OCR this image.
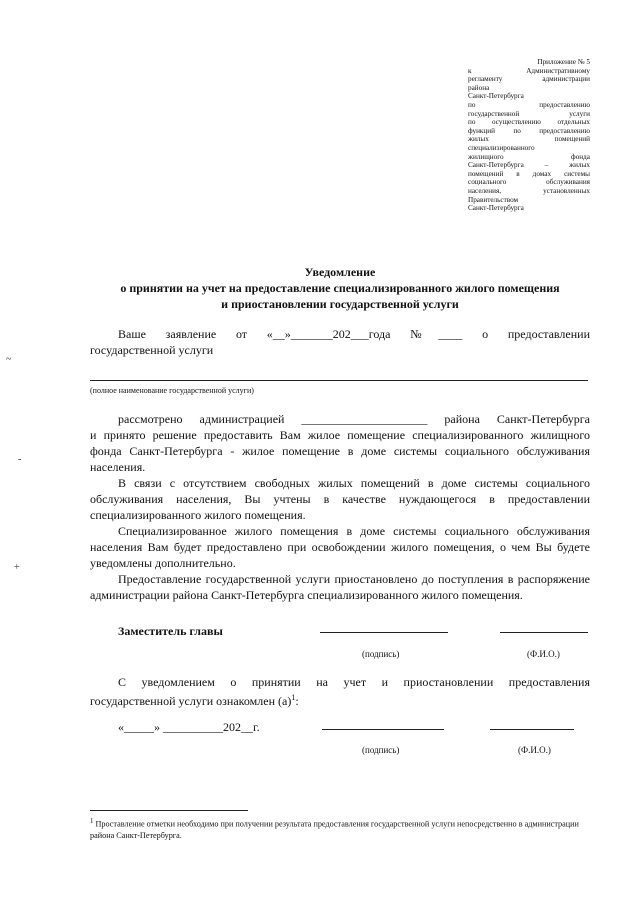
Приложение № 5
к	Административному
регламенту администрации
района
Санкт-Петербурга
по	предоставлению
государственной услуги
по осуществлению отдельных
функций по предоставлению
жилых помещений
специализированного
жилищного фонда
Санкт-Петербурга – жилых
помещений в домах системы
социального обслуживания
населения, установленных
Правительством
Санкт-Петербурга
Уведомление
о принятии на учет на предоставление специализированного жилого помещения
и приостановлении государственной услуги
Ваше заявление от «__»_______202___года №____ о предоставлении
государственной услуги
(полное наименование государственной услуги)
рассмотрено администрацией _____________________ района Санкт-Петербурга
и принято решение предоставить Вам жилое помещение специализированного жилищного фонда Санкт-Петербурга - жилое помещение в доме системы социального обслуживания населения.
В связи с отсутствием свободных жилых помещений в доме системы социального обслуживания населения, Вы учтены в качестве нуждающегося в предоставлении специализированного жилого помещения.
Специализированное жилого помещения в доме системы социального обслуживания населения Вам будет предоставлено при освобождении жилого помещения, о чем Вы будете уведомлены дополнительно.
Предоставление государственной услуги приостановлено до поступления в распоряжение администрации района Санкт-Петербурга специализированного жилого помещения.
Заместитель главы
(подпись)	(Ф.И.О.)
С уведомлением о принятии на учет и приостановлении предоставления
государственной услуги ознакомлен $(а)^1$:
«_____» __________202__г.
(подпись)	(Ф.И.О.)
$^1$ Проставление отметки необходимо при получении результата предоставления государственной услуги непосредственно в администрации района Санкт-Петербурга.
~
-
+
